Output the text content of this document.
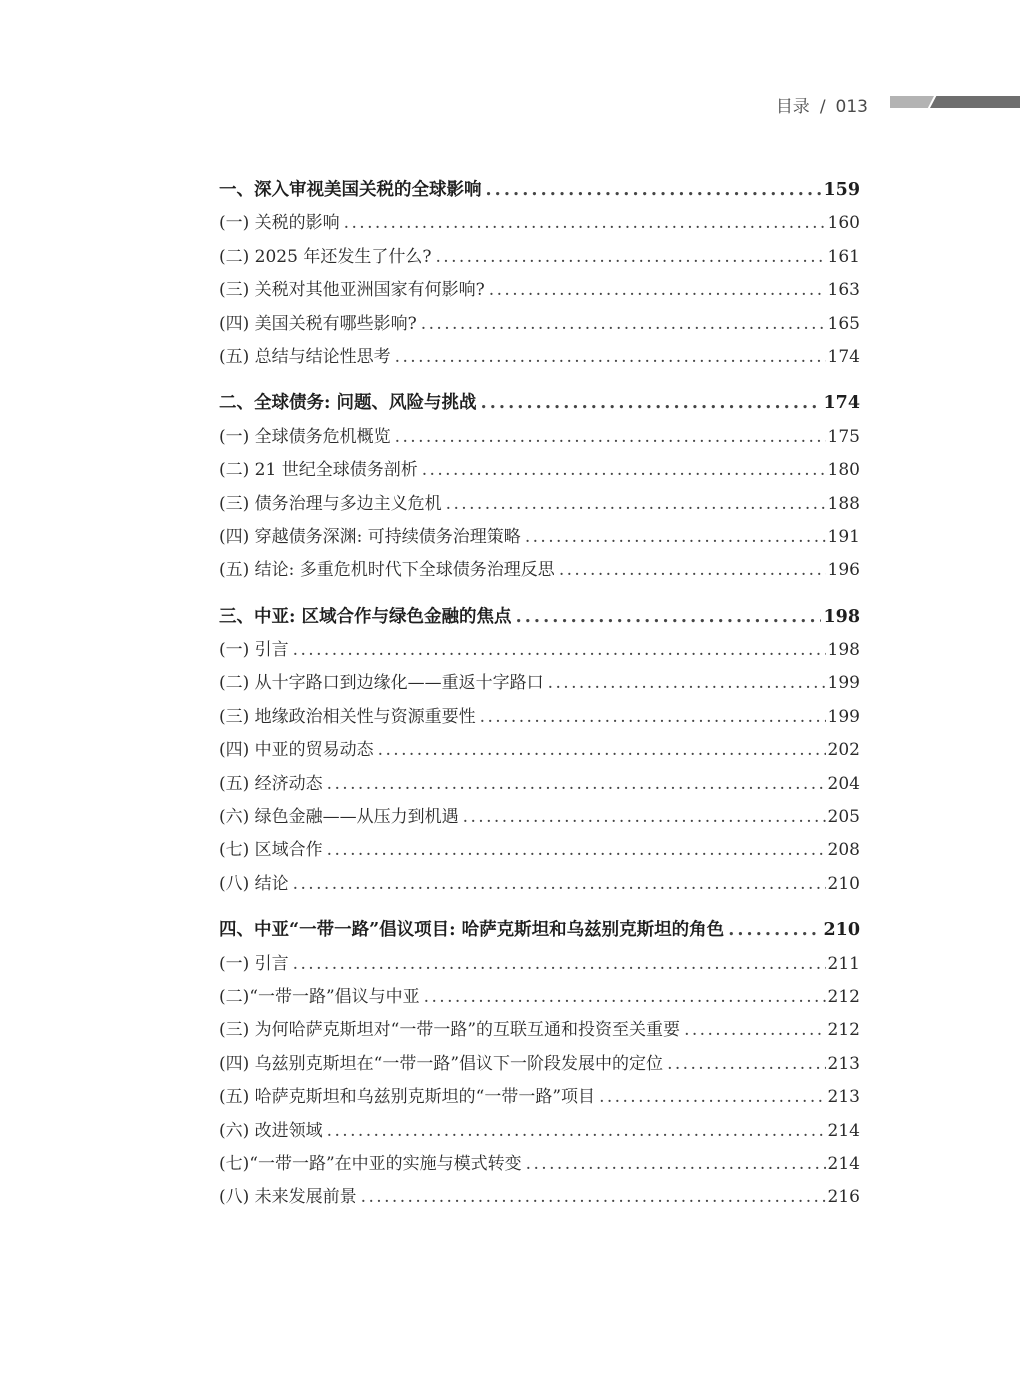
目录 / 013
一、深入审视美国关税的全球影响 . . .	159
(一) 关税的影响 . . .	160
(二) 2025 年还发生了什么? . . .	161
(三) 关税对其他亚洲国家有何影响? . . .	163
(四) 美国关税有哪些影响? . . .	165
(五) 总结与结论性思考 . . .	174
二、全球债务: 问题、风险与挑战 . . .	174
(一) 全球债务危机概览 . . .	175
(二) 21 世纪全球债务剖析 . . .	180
(三) 债务治理与多边主义危机 . . .	188
(四) 穿越债务深渊: 可持续债务治理策略 . . .	191
(五) 结论: 多重危机时代下全球债务治理反思 . . .	196
三、中亚: 区域合作与绿色金融的焦点 . . .	198
(一) 引言 . . .	198
(二) 从十字路口到边缘化——重返十字路口 . . .	199
(三) 地缘政治相关性与资源重要性 . . .	199
(四) 中亚的贸易动态 . . .	202
(五) 经济动态 . . .	204
(六) 绿色金融——从压力到机遇 . . .	205
(七) 区域合作 . . .	208
(八) 结论 . . .	210
四、中亚“一带一路”倡议项目: 哈萨克斯坦和乌兹别克斯坦的角色 . . .	210
(一) 引言 . . .	211
(二)“一带一路”倡议与中亚 . . .	212
(三) 为何哈萨克斯坦对“一带一路”的互联互通和投资至关重要 . . .	212
(四) 乌兹别克斯坦在“一带一路”倡议下一阶段发展中的定位 . . .	213
(五) 哈萨克斯坦和乌兹别克斯坦的“一带一路”项目 . . .	213
(六) 改进领域 . . .	214
(七)“一带一路”在中亚的实施与模式转变 . . .	214
(八) 未来发展前景 . . .	216
